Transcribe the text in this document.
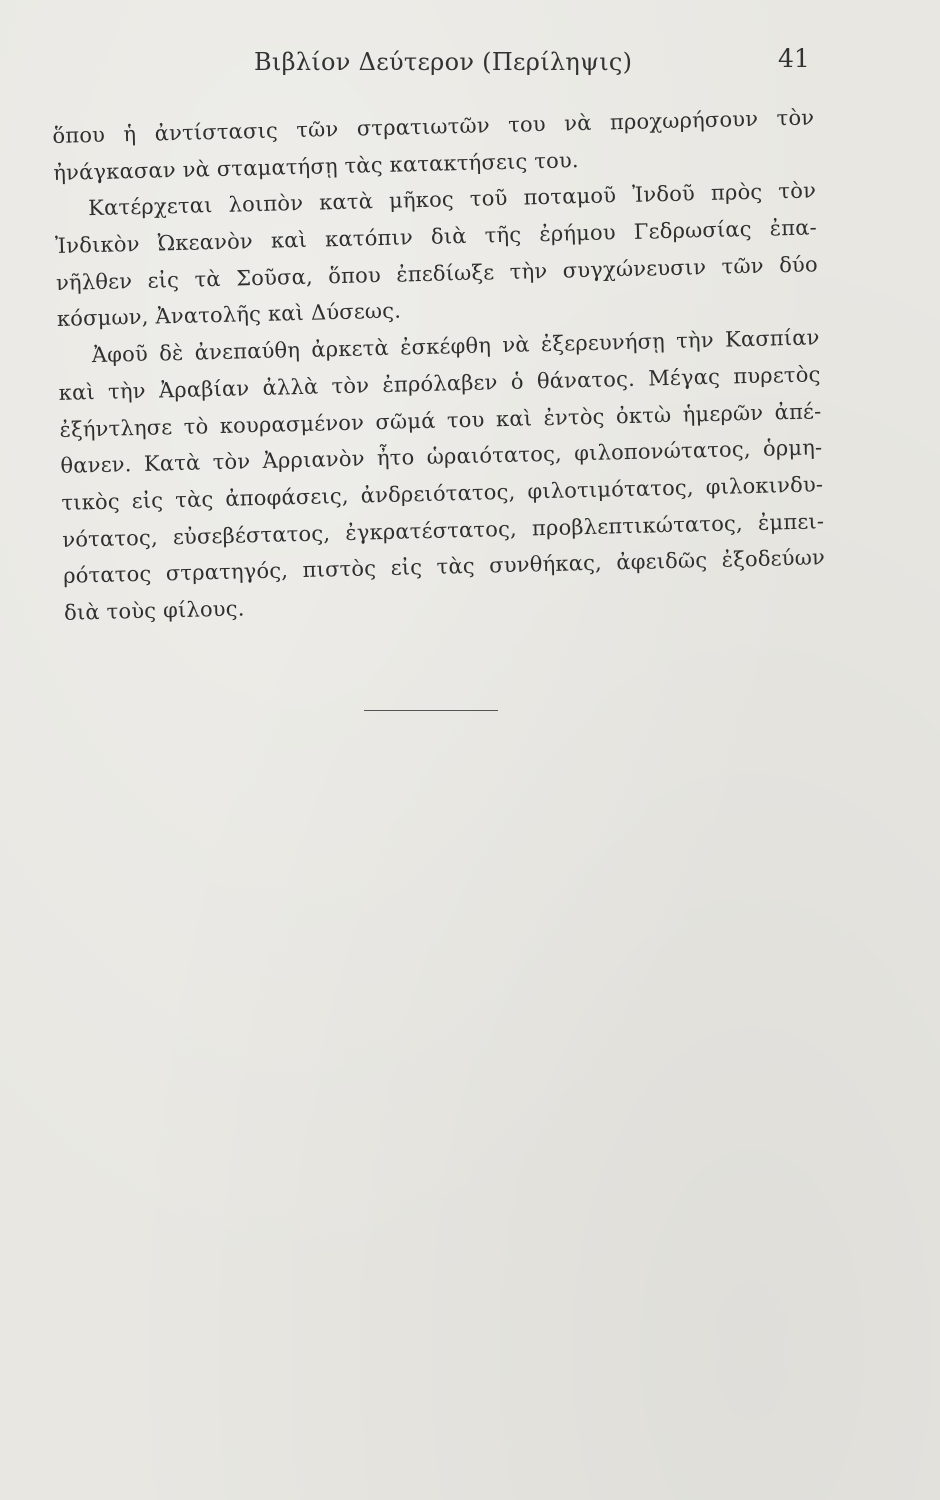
Βιβλίον Δεύτερον (Περίληψις)	41
ὅπου ἡ ἀντίστασις τῶν στρατιωτῶν του νὰ προχωρήσουν τὸν
ἠνάγκασαν νὰ σταματήσῃ τὰς κατακτήσεις του.
Κατέρχεται λοιπὸν κατὰ μῆκος τοῦ ποταμοῦ Ἰνδοῦ πρὸς τὸν
Ἰνδικὸν Ὠκεανὸν καὶ κατόπιν διὰ τῆς ἐρήμου Γεδρωσίας ἐπα-
νῆλθεν εἰς τὰ Σοῦσα, ὅπου ἐπεδίωξε τὴν συγχώνευσιν τῶν δύο
κόσμων, Ἀνατολῆς καὶ Δύσεως.
Ἀφοῦ δὲ ἀνεπαύθη ἀρκετὰ ἐσκέφθη νὰ ἐξερευνήσῃ τὴν Κασπίαν
καὶ τὴν Ἀραβίαν ἀλλὰ τὸν ἐπρόλαβεν ὁ θάνατος. Μέγας πυρετὸς
ἐξήντλησε τὸ κουρασμένον σῶμά του καὶ ἐντὸς ὀκτὼ ἡμερῶν ἀπέ-
θανεν. Κατὰ τὸν Ἀρριανὸν ἦτο ὡραιότατος, φιλοπονώτατος, ὁρμη-
τικὸς εἰς τὰς ἀποφάσεις, ἀνδρειότατος, φιλοτιμότατος, φιλοκινδυ-
νότατος, εὐσεβέστατος, ἐγκρατέστατος, προβλεπτικώτατος, ἐμπει-
ρότατος στρατηγός, πιστὸς εἰς τὰς συνθήκας, ἀφειδῶς ἐξοδεύων
διὰ τοὺς φίλους.
